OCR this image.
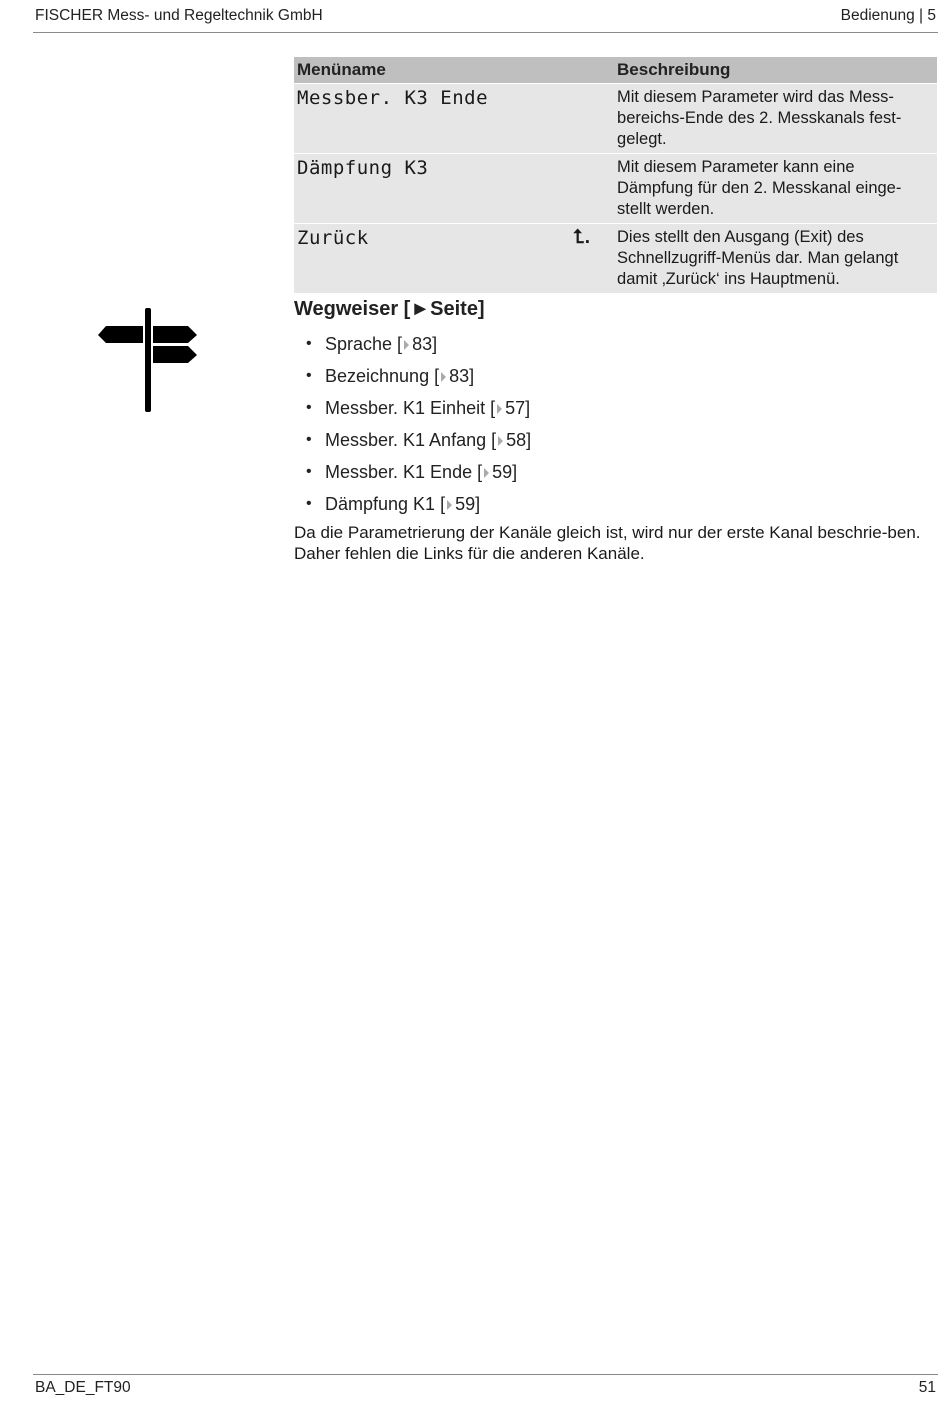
FISCHER Mess- und Regeltechnik GmbH	Bedienung | 5
Menüname		Beschreibung
Messber. K3 Ende		Mit diesem Parameter wird das Mess-bereichs-Ende des 2. Messkanals fest-gelegt.
Dämpfung K3		Mit diesem Parameter kann eine Dämpfung für den 2. Messkanal einge-stellt werden.
Zurück	⮤.	Dies stellt den Ausgang (Exit) des Schnellzugriff-Menüs dar. Man gelangt damit ‚Zurück‘ ins Hauptmenü.
Wegweiser [►Seite]
• Sprache [ 83]
• Bezeichnung [ 83]
• Messber. K1 Einheit [ 57]
• Messber. K1 Anfang [ 58]
• Messber. K1 Ende [ 59]
• Dämpfung K1 [ 59]
Da die Parametrierung der Kanäle gleich ist, wird nur der erste Kanal beschrie-ben. Daher fehlen die Links für die anderen Kanäle.
BA_DE_FT90	51
